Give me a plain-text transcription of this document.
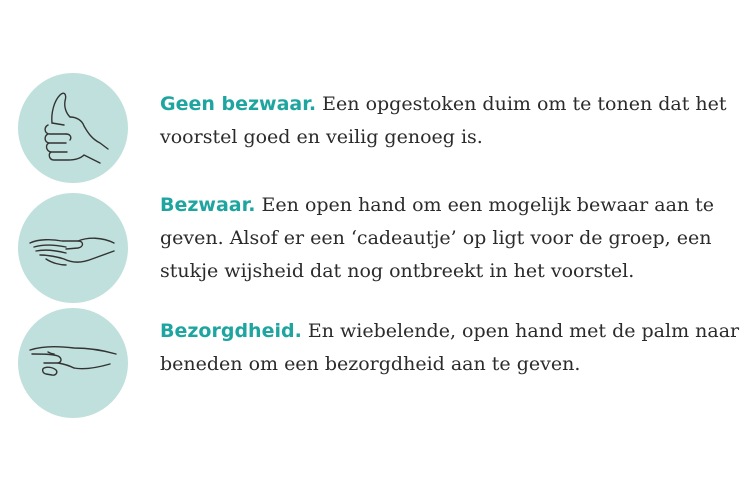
Geen bezwaar. Een opgestoken duim om te tonen dat het voorstel goed en veilig genoeg is.

Bezwaar. Een open hand om een mogelijk bewaar aan te geven. Alsof er een ‘cadeautje’ op ligt voor de groep, een stukje wijsheid dat nog ontbreekt in het voorstel.

Bezorgdheid. En wiebelende, open hand met de palm naar beneden om een bezorgdheid aan te geven.
